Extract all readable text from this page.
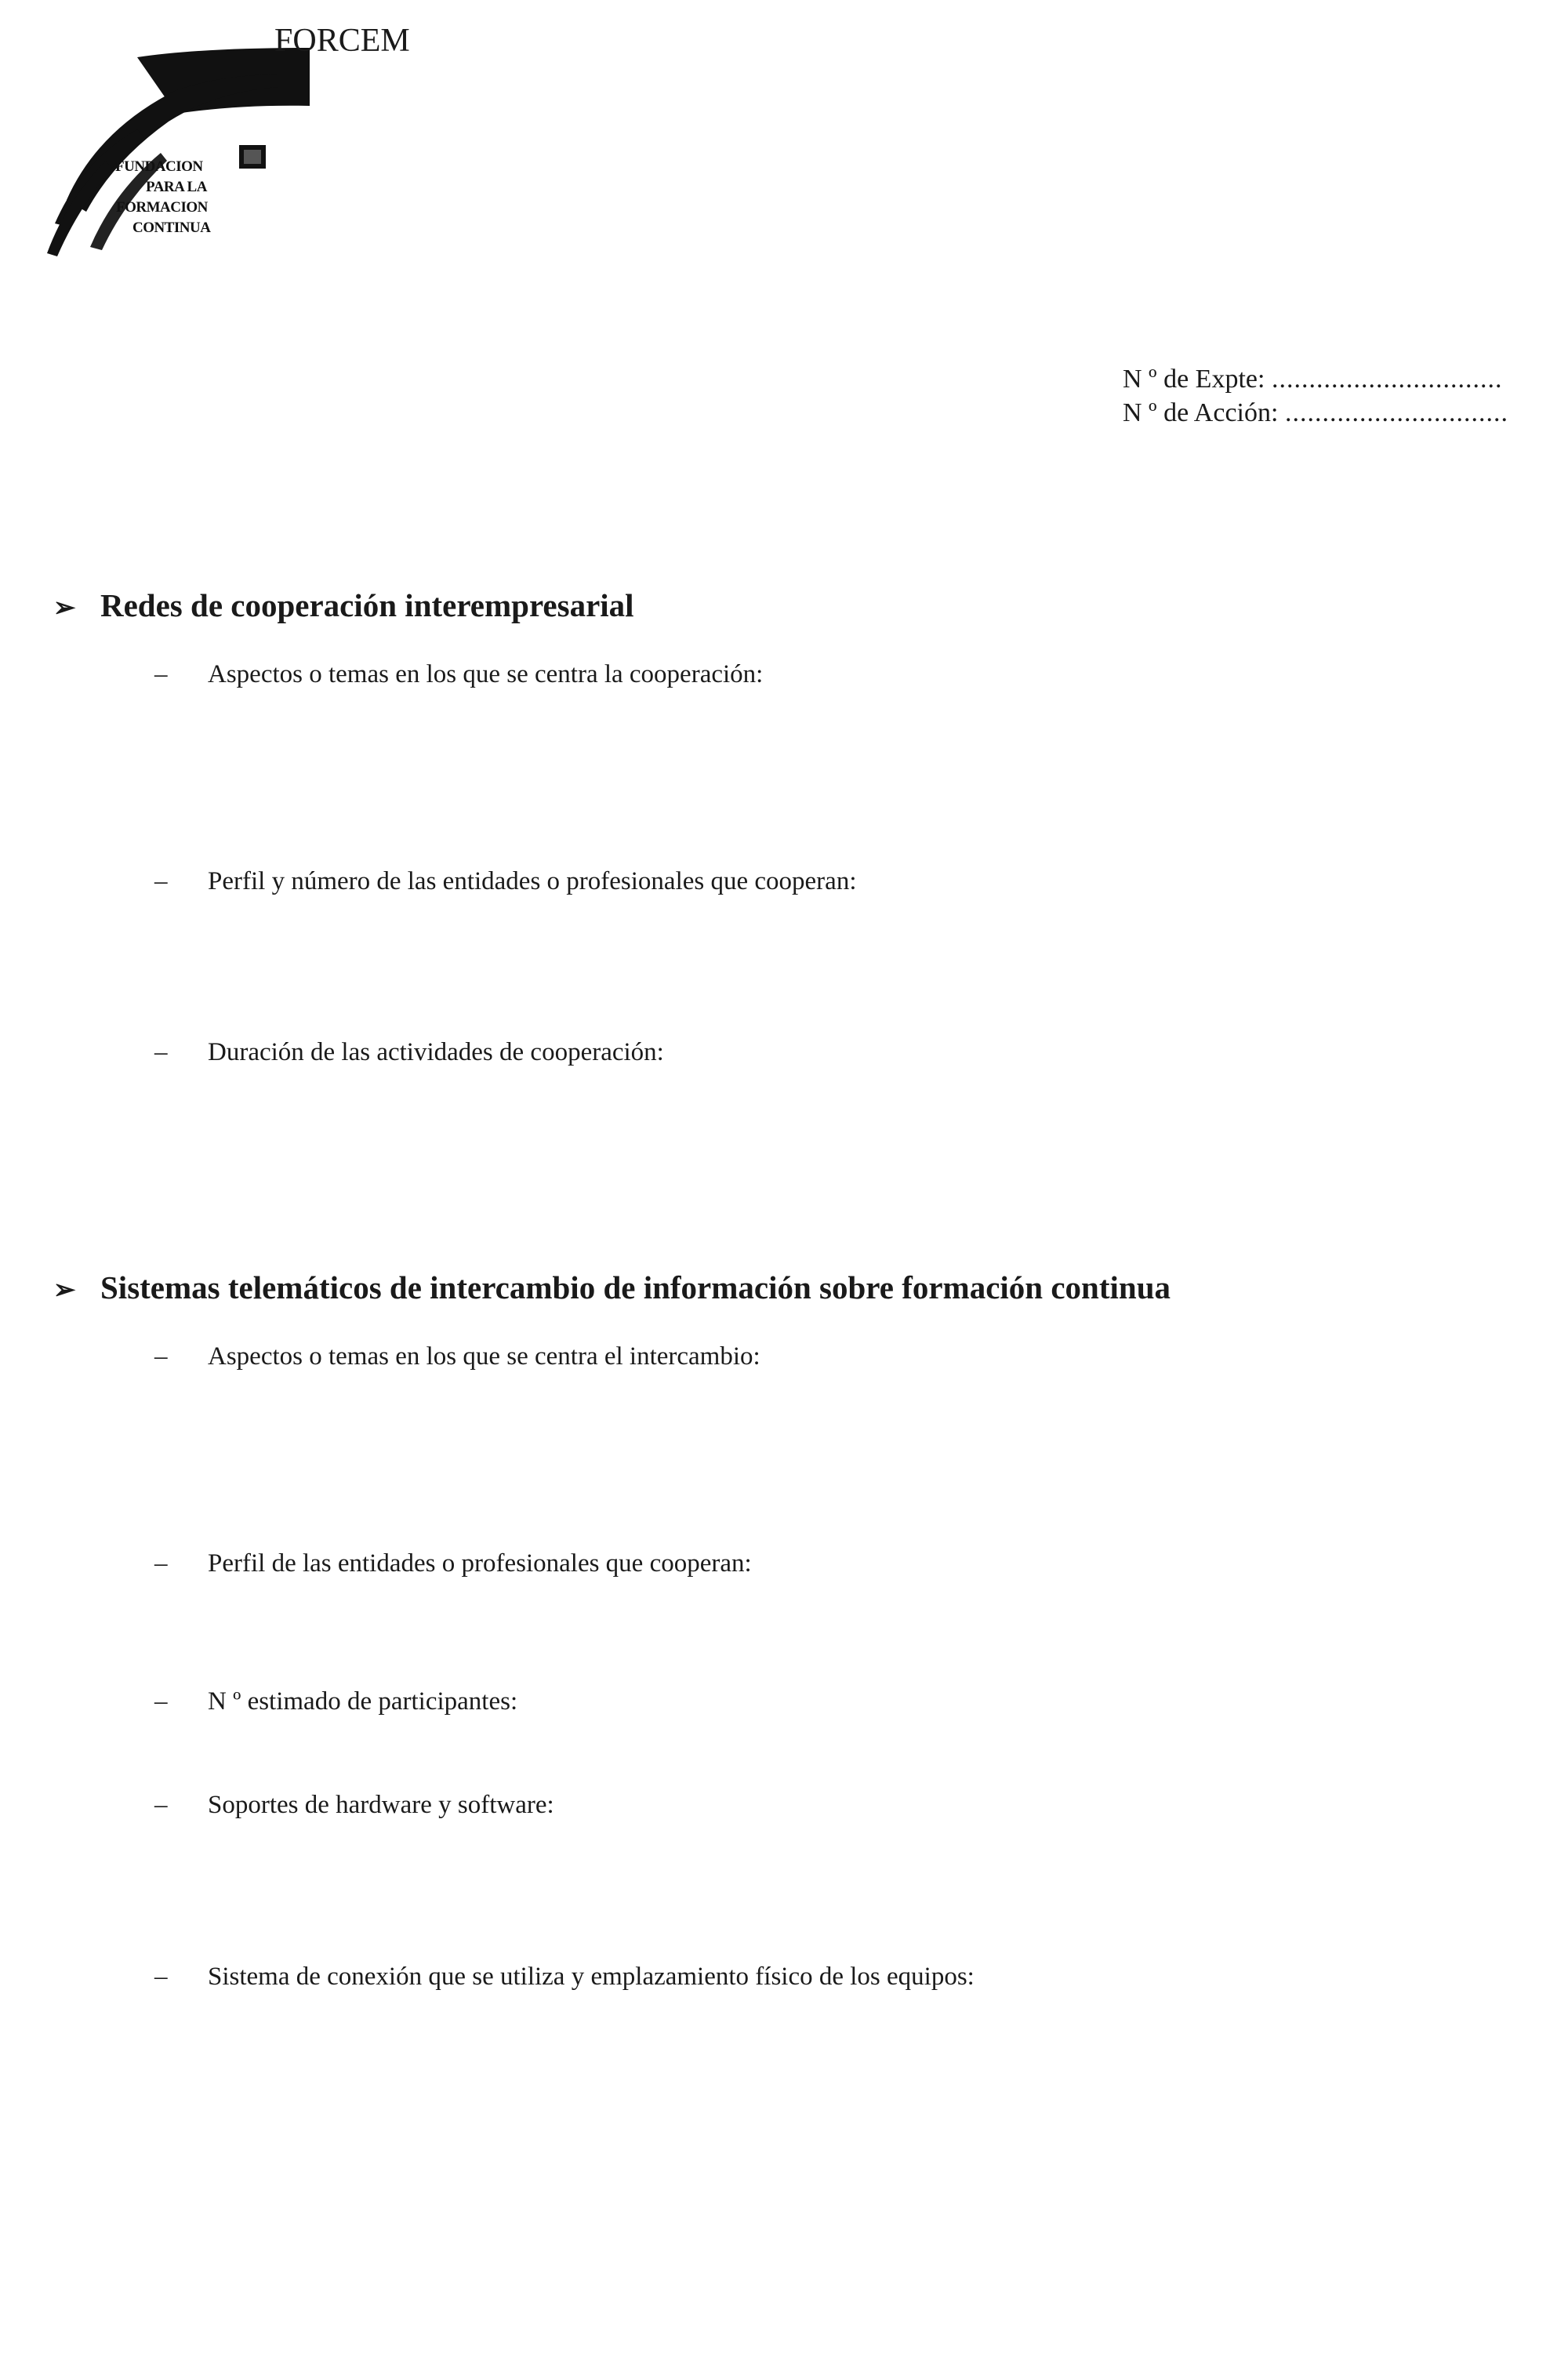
FORCEM
FUNDACION
PARA LA
FORMACION
CONTINUA
N º de Expte: ...............................
N º de Acción: ..............................
➢ Redes de cooperación interempresarial
– Aspectos o temas en los que se centra la cooperación:
– Perfil y número de las entidades o profesionales que cooperan:
– Duración de las actividades de cooperación:
➢ Sistemas telemáticos de intercambio de información sobre formación continua
– Aspectos o temas en los que se centra el intercambio:
– Perfil de las entidades o profesionales que cooperan:
– N º estimado de participantes:
– Soportes de hardware y software:
– Sistema de conexión que se utiliza y emplazamiento físico de los equipos:
